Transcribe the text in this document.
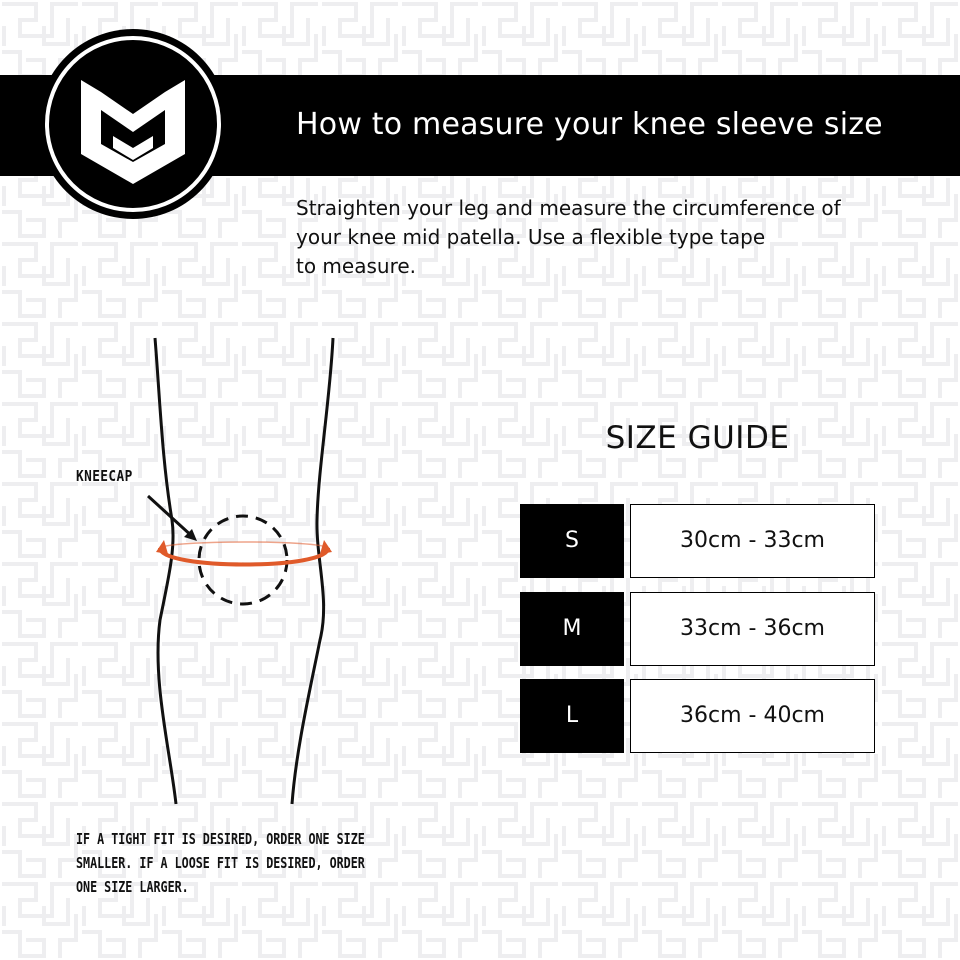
How to measure your knee sleeve size
Straighten your leg and measure the circumference of
your knee mid patella. Use a flexible type tape
to measure.
KNEECAP
IF A TIGHT FIT IS DESIRED, ORDER ONE SIZE
SMALLER. IF A LOOSE FIT IS DESIRED, ORDER
ONE SIZE LARGER.
SIZE GUIDE
S	30cm - 33cm
M	33cm - 36cm
L	36cm - 40cm
